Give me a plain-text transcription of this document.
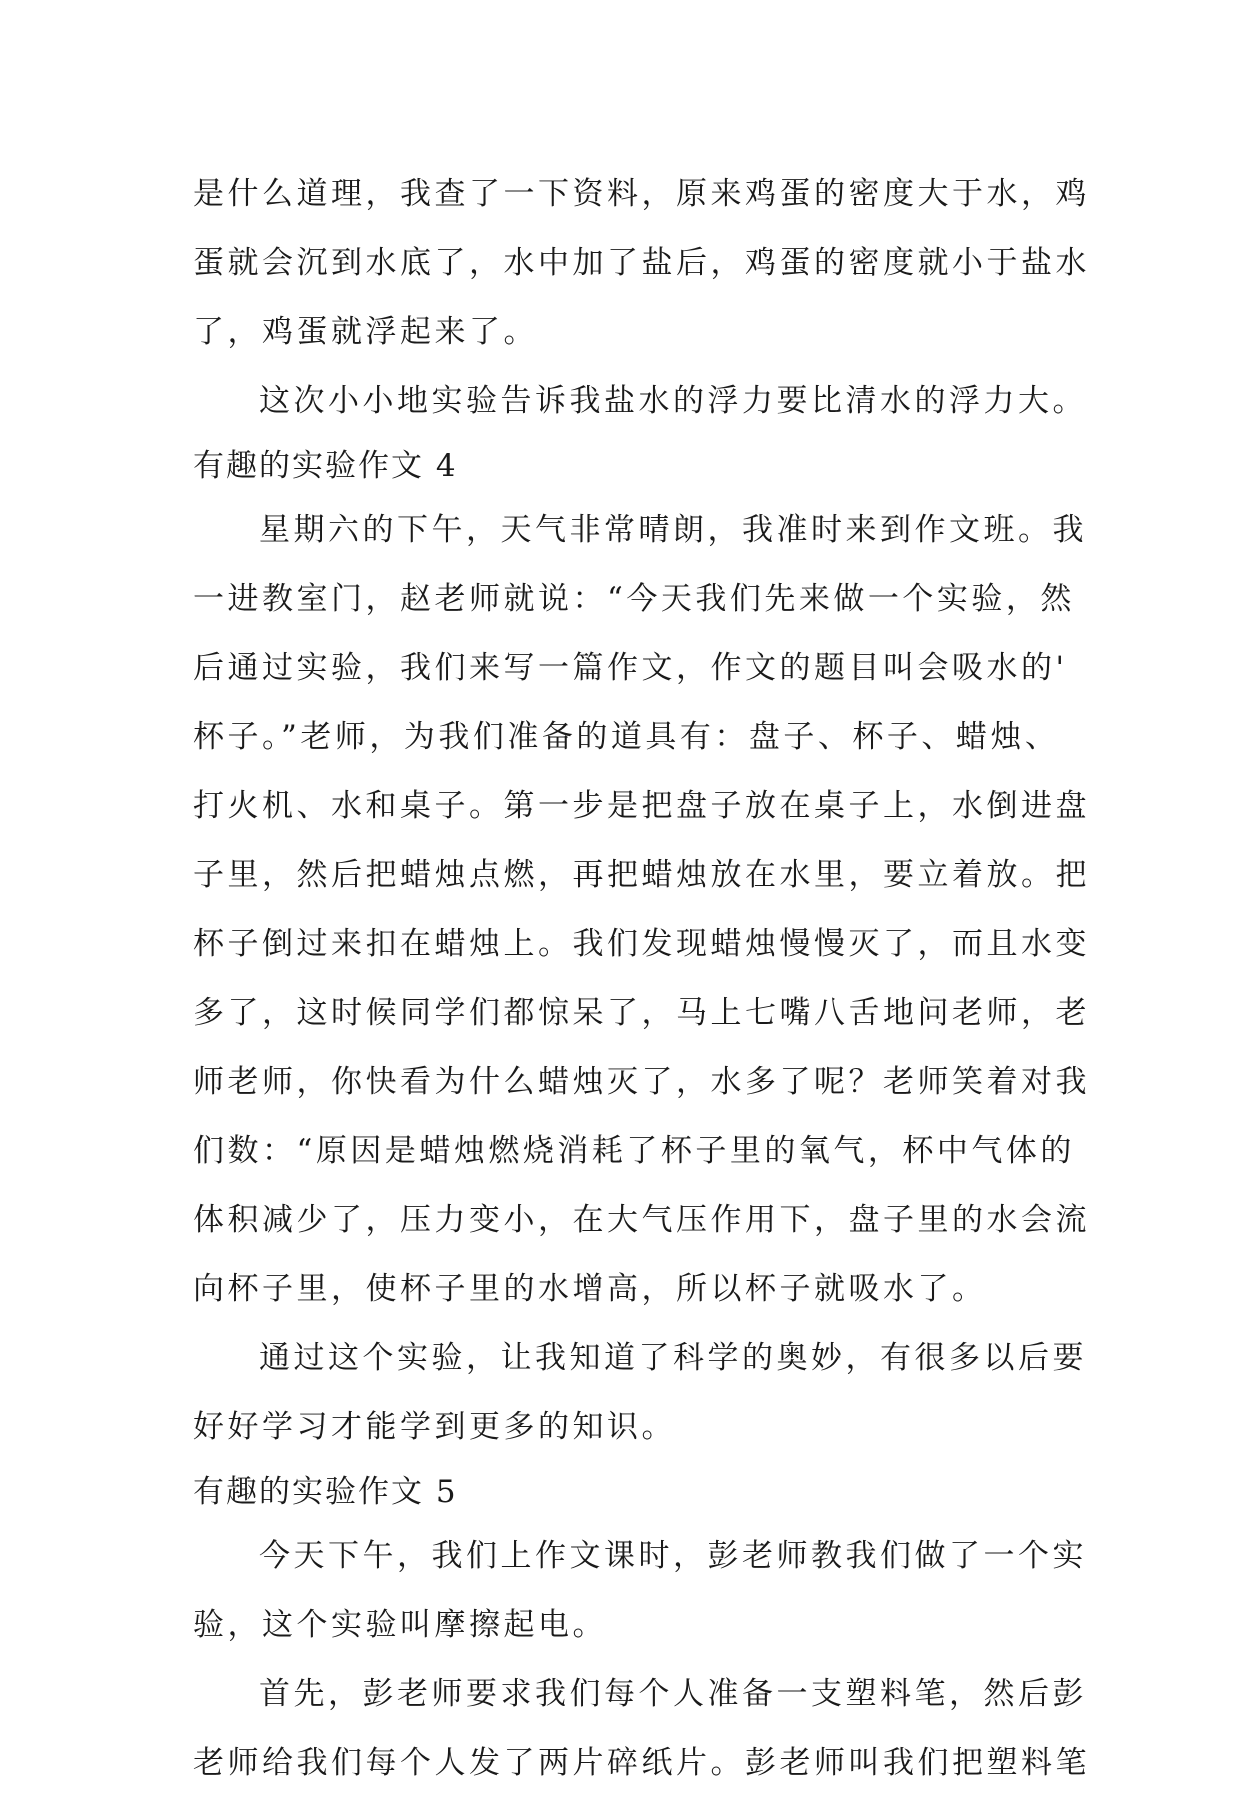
是什么道理，我查了一下资料，原来鸡蛋的密度大于水，鸡
蛋就会沉到水底了，水中加了盐后，鸡蛋的密度就小于盐水
了，鸡蛋就浮起来了。
这次小小地实验告诉我盐水的浮力要比清水的浮力大。
有趣的实验作文 4
星期六的下午，天气非常晴朗，我准时来到作文班。我
一进教室门，赵老师就说：“今天我们先来做一个实验，然
后通过实验，我们来写一篇作文，作文的题目叫会吸水的'
杯子。”老师，为我们准备的道具有：盘子、杯子、蜡烛、
打火机、水和桌子。第一步是把盘子放在桌子上，水倒进盘
子里，然后把蜡烛点燃，再把蜡烛放在水里，要立着放。把
杯子倒过来扣在蜡烛上。我们发现蜡烛慢慢灭了，而且水变
多了，这时候同学们都惊呆了，马上七嘴八舌地问老师，老
师老师，你快看为什么蜡烛灭了，水多了呢？老师笑着对我
们数：“原因是蜡烛燃烧消耗了杯子里的氧气，杯中气体的
体积减少了，压力变小，在大气压作用下，盘子里的水会流
向杯子里，使杯子里的水增高，所以杯子就吸水了。
通过这个实验，让我知道了科学的奥妙，有很多以后要
好好学习才能学到更多的知识。
有趣的实验作文 5
今天下午，我们上作文课时，彭老师教我们做了一个实
验，这个实验叫摩擦起电。
首先，彭老师要求我们每个人准备一支塑料笔，然后彭
老师给我们每个人发了两片碎纸片。彭老师叫我们把塑料笔
